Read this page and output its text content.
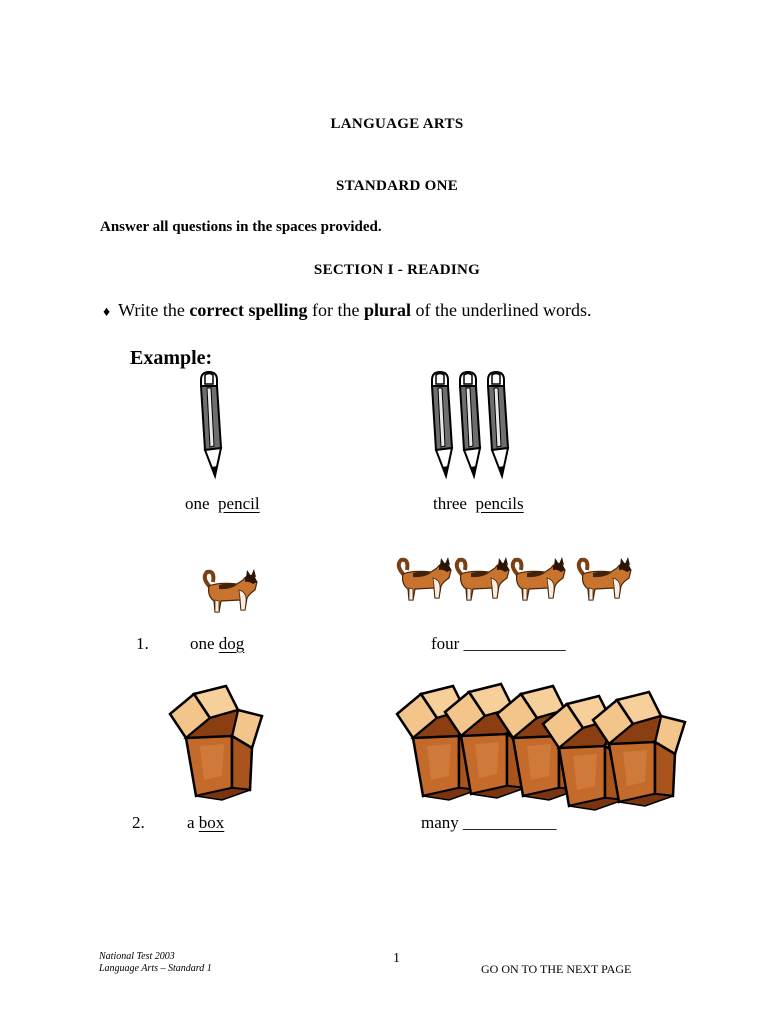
LANGUAGE ARTS
STANDARD ONE
Answer all questions in the spaces provided.
SECTION I - READING
♦ Write the correct spelling for the plural of the underlined words.
Example:
one pencil	three pencils
1. one dog	four ____________
2. a box	many ___________
National Test 2003
Language Arts – Standard 1
1
GO ON TO THE NEXT PAGE
